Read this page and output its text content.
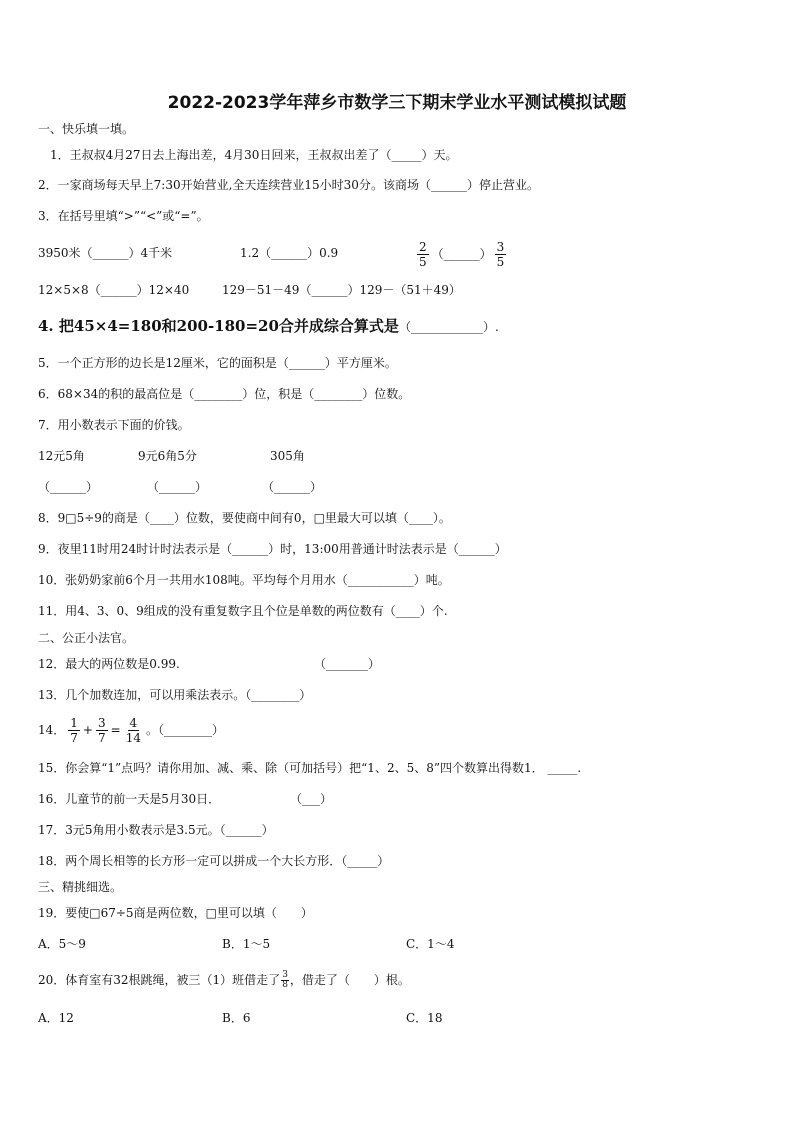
2022-2023学年萍乡市数学三下期末学业水平测试模拟试题
一、快乐填一填。
1．王叔叔4月27日去上海出差，4月30日回来，王叔叔出差了（_____）天。
2．一家商场每天早上7:30开始营业,全天连续营业15小时30分。该商场（______）停止营业。
3．在括号里填“>”“<”或“=”。
3950米（______）4千米	1.2（______）0.9	$\frac{2}{5}$ （______） $\frac{3}{5}$
12×5×8（______）12×40	129－51－49（______）129－（51＋49）
4. 把45×4=180和200-180=20合并成综合算式是（____________）.
5．一个正方形的边长是12厘米，它的面积是（______）平方厘米。
6．68×34的积的最高位是（________）位，积是（________）位数。
7．用小数表示下面的价钱。
12元5角	9元6角5分	305角
（______）	（______）	（______）
8．9□5÷9的商是（____）位数，要使商中间有0，□里最大可以填（____）。
9．夜里11时用24时计时法表示是（______）时，13:00用普通计时法表示是（______）
10．张奶奶家前6个月一共用水108吨。平均每个月用水（___________）吨。
11．用4、3、0、9组成的没有重复数字且个位是单数的两位数有（____）个.
二、公正小法官。
12．最大的两位数是0.99.	（_______）
13．几个加数连加，可以用乘法表示。（________）
14． $\frac{1}{7} + \frac{3}{7} = \frac{4}{14}$ 。（________）
15．你会算“1”点吗？请你用加、减、乘、除（可加括号）把“1、2、5、8”四个数算出得数1． _____.
16．儿童节的前一天是5月30日．	（___）
17．3元5角用小数表示是3.5元。（______）
18．两个周长相等的长方形一定可以拼成一个大长方形．（_____）
三、精挑细选。
19．要使□67÷5商是两位数，□里可以填（　　）
A．5～9	B．1～5	C．1～4
20．体育室有32根跳绳，被三（1）班借走了 $\frac{3}{8}$ ，借走了（　　）根。
A．12	B．6	C．18
